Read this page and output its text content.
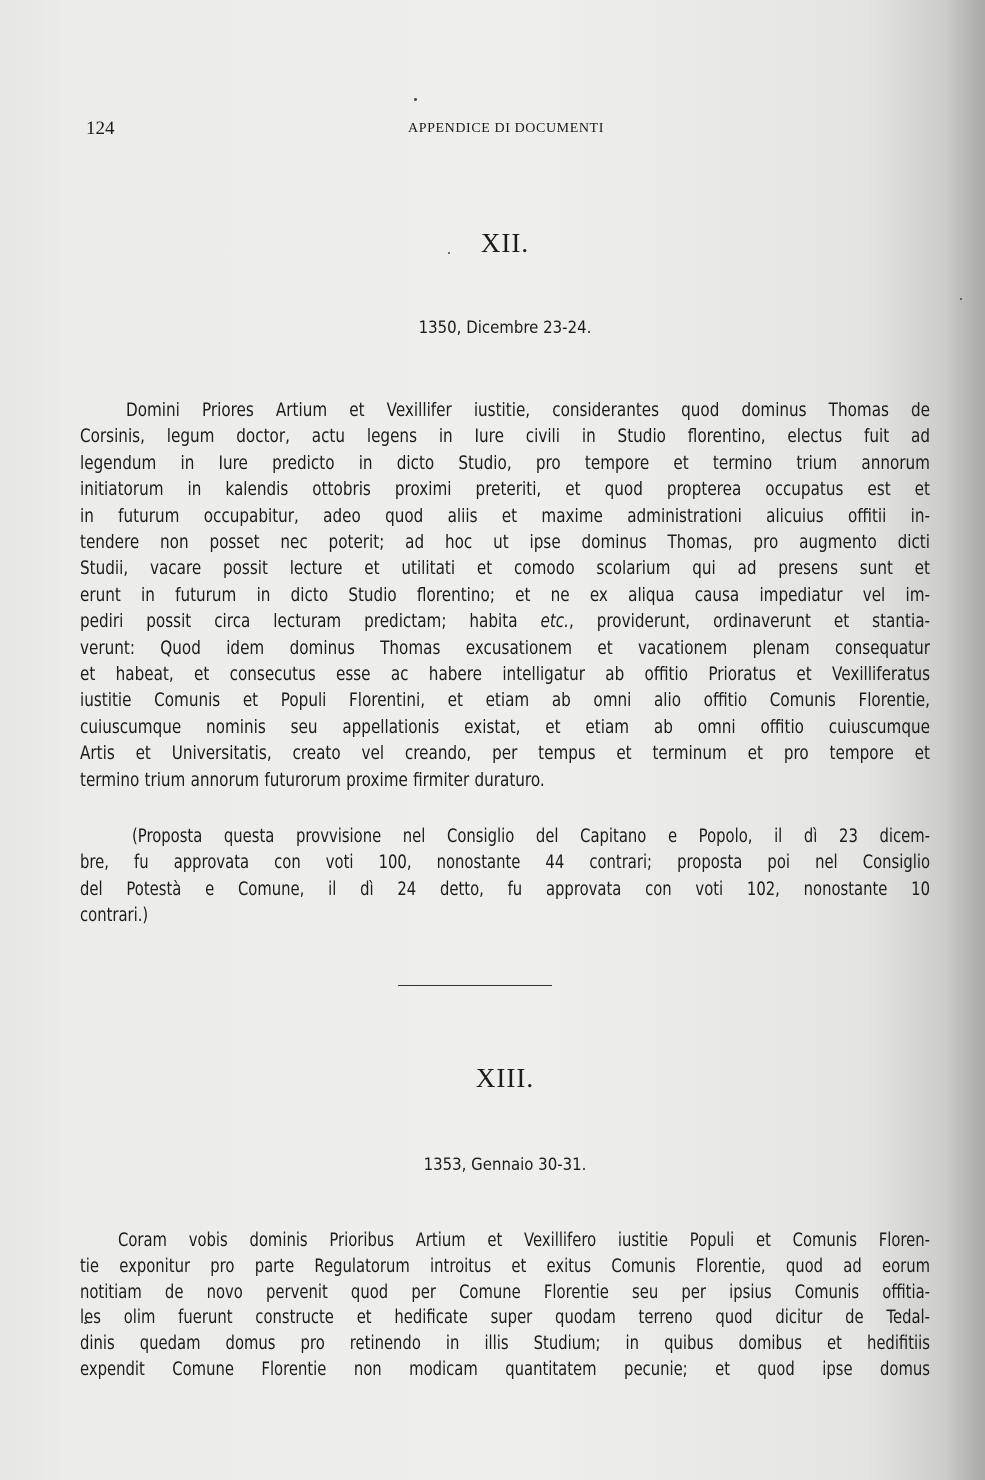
124	APPENDICE DI DOCUMENTI
XII.
1350, Dicembre 23-24.
Domini Priores Artium et Vexillifer iustitie, considerantes quod dominus Thomas de
Corsinis, legum doctor, actu legens in Iure civili in Studio florentino, electus fuit ad
legendum in Iure predicto in dicto Studio, pro tempore et termino trium annorum
initiatorum in kalendis ottobris proximi preteriti, et quod propterea occupatus est et
in futurum occupabitur, adeo quod aliis et maxime administrationi alicuius offitii in-
tendere non posset nec poterit; ad hoc ut ipse dominus Thomas, pro augmento dicti
Studii, vacare possit lecture et utilitati et comodo scolarium qui ad presens sunt et
erunt in futurum in dicto Studio florentino; et ne ex aliqua causa impediatur vel im-
pediri possit circa lecturam predictam; habita etc., providerunt, ordinaverunt et stantia-
verunt: Quod idem dominus Thomas excusationem et vacationem plenam consequatur
et habeat, et consecutus esse ac habere intelligatur ab offitio Prioratus et Vexilliferatus
iustitie Comunis et Populi Florentini, et etiam ab omni alio offitio Comunis Florentie,
cuiuscumque nominis seu appellationis existat, et etiam ab omni offitio cuiuscumque
Artis et Universitatis, creato vel creando, per tempus et terminum et pro tempore et
termino trium annorum futurorum proxime firmiter duraturo.
(Proposta questa provvisione nel Consiglio del Capitano e Popolo, il dì 23 dicem-
bre, fu approvata con voti 100, nonostante 44 contrari; proposta poi nel Consiglio
del Potestà e Comune, il dì 24 detto, fu approvata con voti 102, nonostante 10
contrari.)
XIII.
1353, Gennaio 30-31.
Coram vobis dominis Prioribus Artium et Vexillifero iustitie Populi et Comunis Floren-
tie exponitur pro parte Regulatorum introitus et exitus Comunis Florentie, quod ad eorum
notitiam de novo pervenit quod per Comune Florentie seu per ipsius Comunis offitia-
les olim fuerunt constructe et hedificate super quodam terreno quod dicitur de Tedal-
dinis quedam domus pro retinendo in illis Studium; in quibus domibus et hedifitiis
expendit Comune Florentie non modicam quantitatem pecunie; et quod ipse domus
